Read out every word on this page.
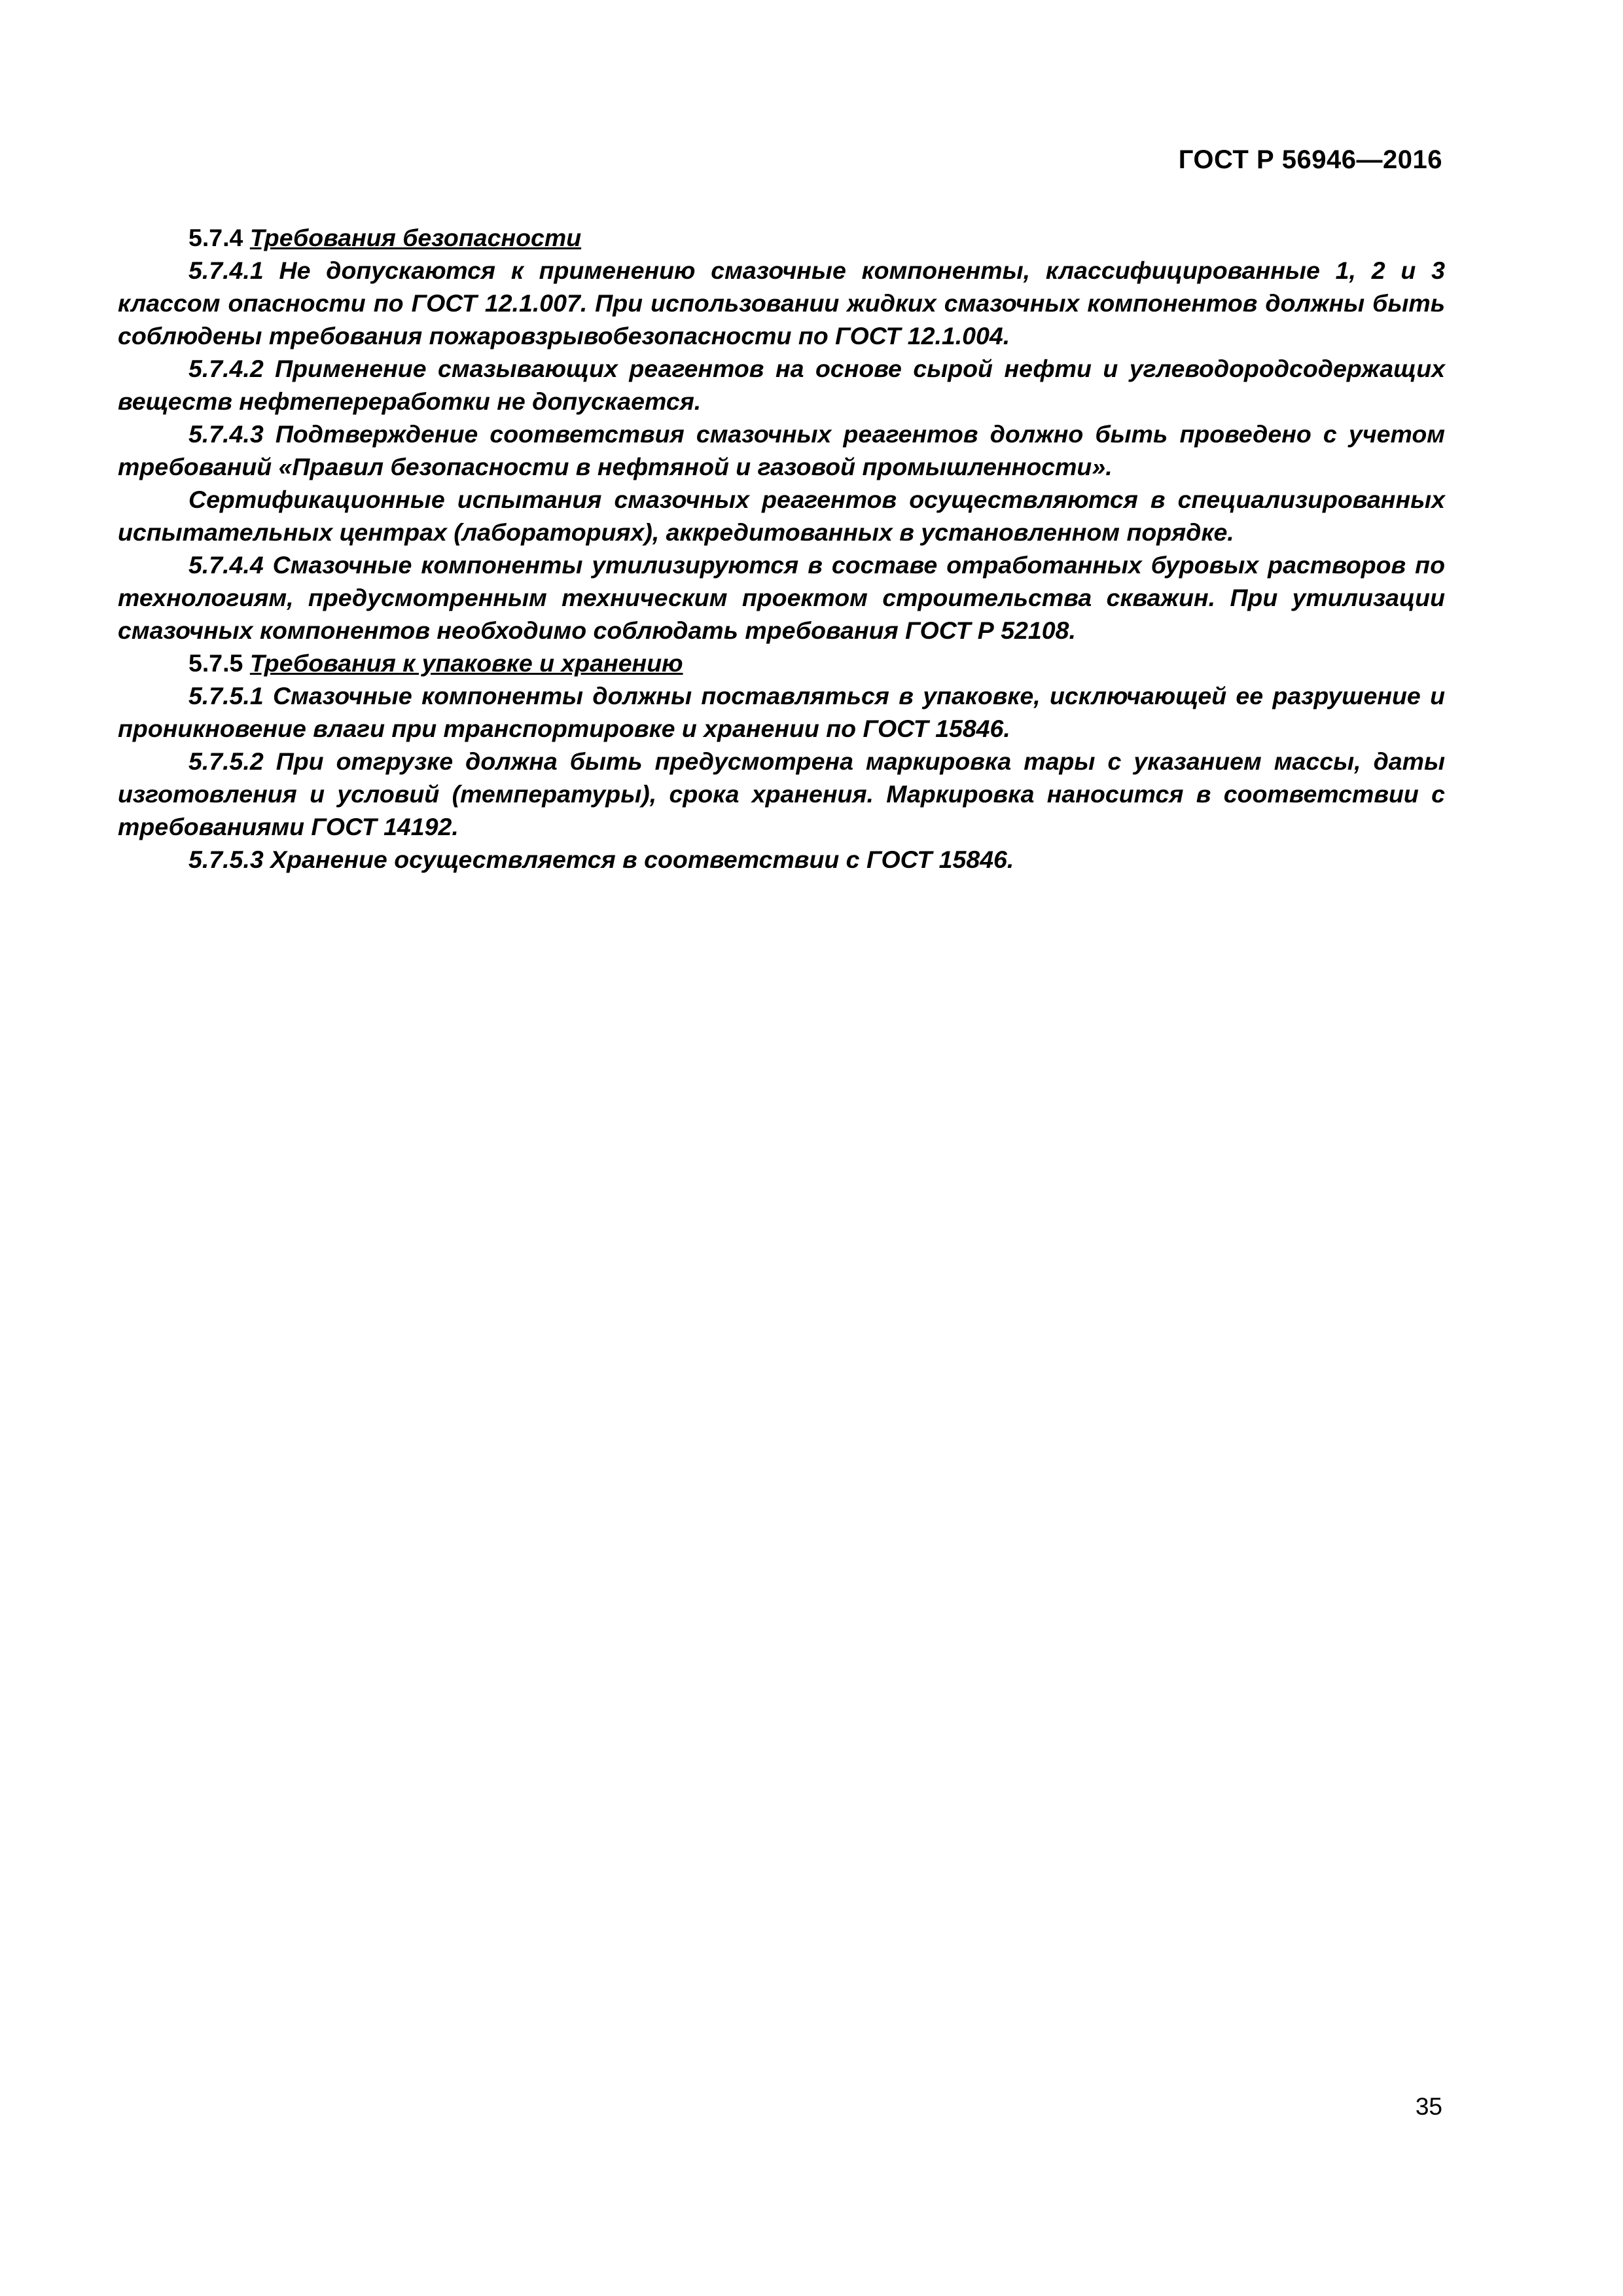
ГОСТ Р 56946—2016

5.7.4 Требования безопасности

5.7.4.1 Не допускаются к применению смазочные компоненты, классифицированные 1, 2 и 3 классом опасности по ГОСТ 12.1.007. При использовании жидких смазочных компонентов должны быть соблюдены требования пожаровзрывобезопасности по ГОСТ 12.1.004.

5.7.4.2 Применение смазывающих реагентов на основе сырой нефти и углеводородсодержащих веществ нефтепереработки не допускается.

5.7.4.3 Подтверждение соответствия смазочных реагентов должно быть проведено с учетом требований «Правил безопасности в нефтяной и газовой промышленности».

Сертификационные испытания смазочных реагентов осуществляются в специализированных испытательных центрах (лабораториях), аккредитованных в установленном порядке.

5.7.4.4 Смазочные компоненты утилизируются в составе отработанных буровых растворов по технологиям, предусмотренным техническим проектом строительства скважин. При утилизации смазочных компонентов необходимо соблюдать требования ГОСТ Р 52108.

5.7.5 Требования к упаковке и хранению

5.7.5.1 Смазочные компоненты должны поставляться в упаковке, исключающей ее разрушение и проникновение влаги при транспортировке и хранении по ГОСТ 15846.

5.7.5.2 При отгрузке должна быть предусмотрена маркировка тары с указанием массы, даты изготовления и условий (температуры), срока хранения. Маркировка наносится в соответствии с требованиями ГОСТ 14192.

5.7.5.3 Хранение осуществляется в соответствии с ГОСТ 15846.

35
